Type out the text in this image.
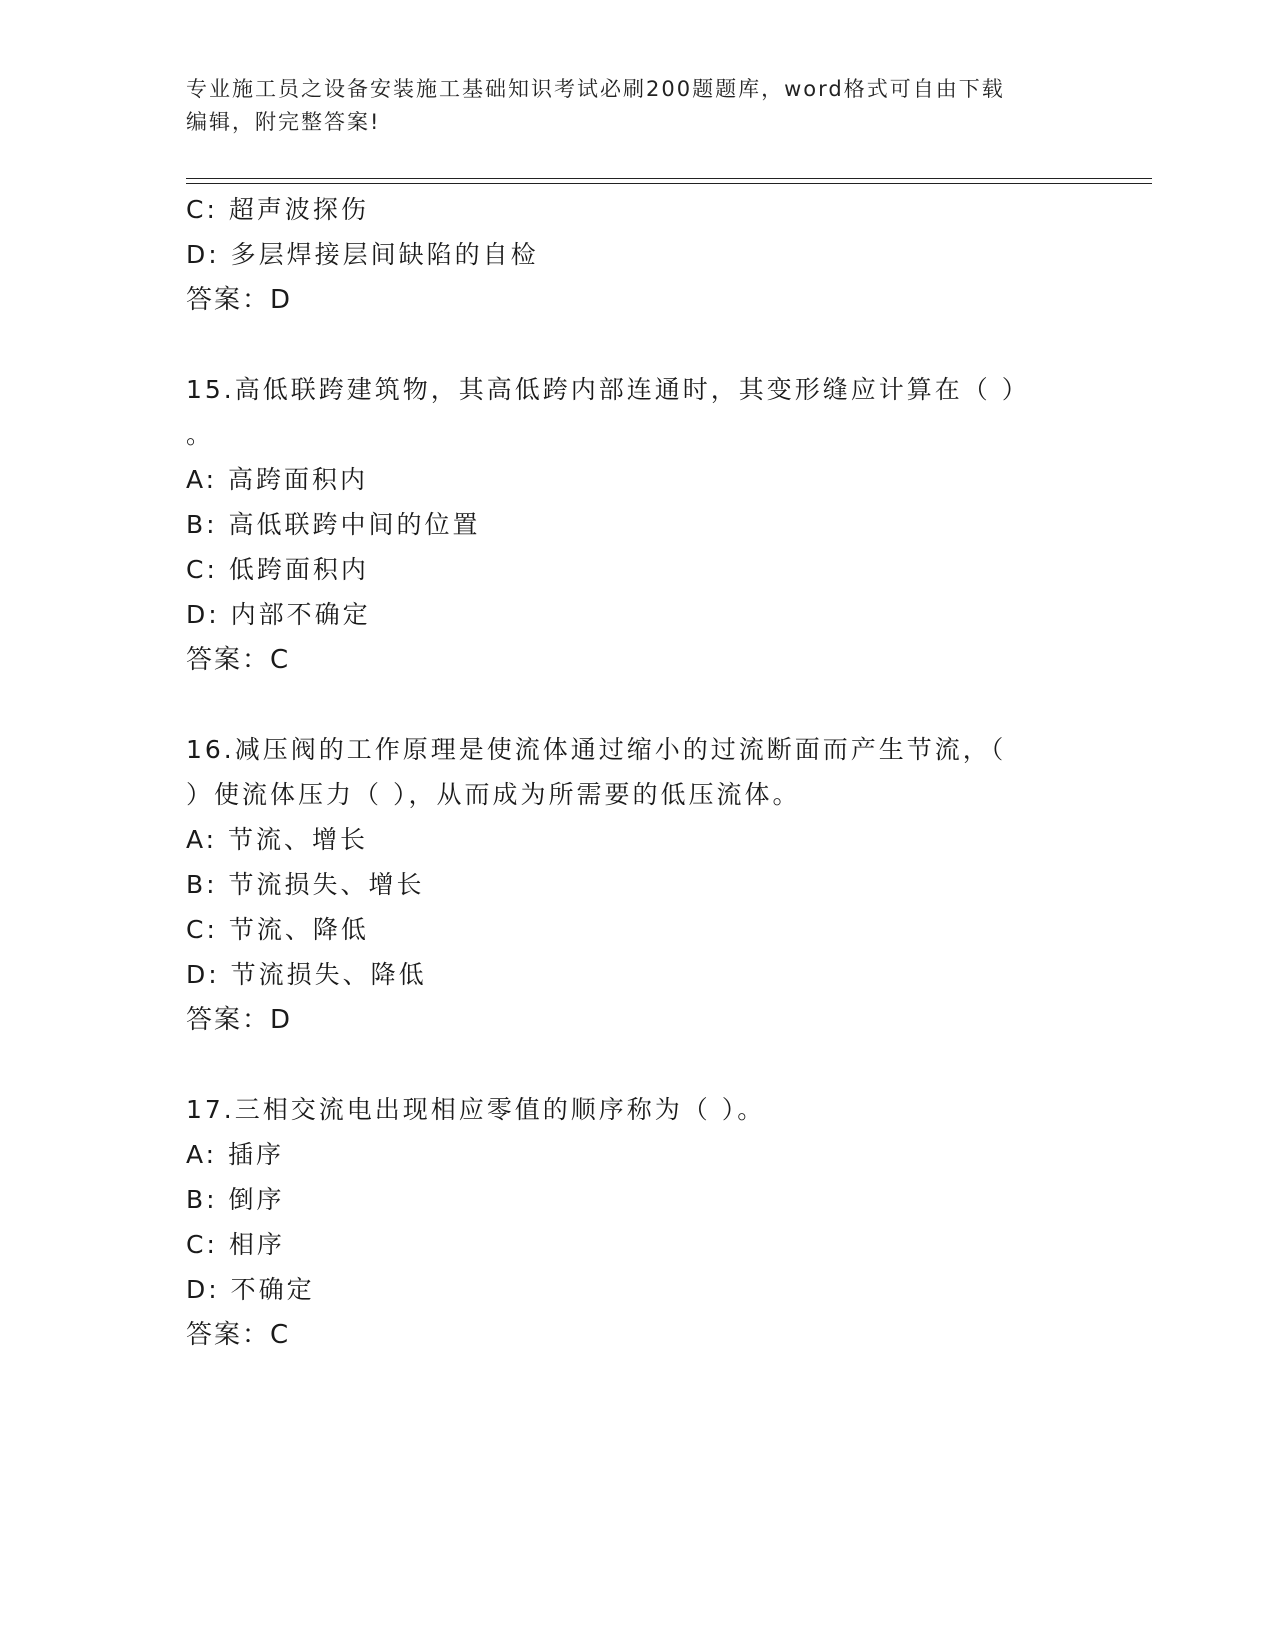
专业施工员之设备安装施工基础知识考试必刷200题题库，word格式可自由下载
编辑，附完整答案!
C: 超声波探伤
D: 多层焊接层间缺陷的自检
答案：D
15.高低联跨建筑物，其高低跨内部连通时，其变形缝应计算在（ ）
。
A: 高跨面积内
B: 高低联跨中间的位置
C: 低跨面积内
D: 内部不确定
答案：C
16.减压阀的工作原理是使流体通过缩小的过流断面而产生节流，（
）使流体压力（ ），从而成为所需要的低压流体。
A: 节流、增长
B: 节流损失、增长
C: 节流、降低
D: 节流损失、降低
答案：D
17.三相交流电出现相应零值的顺序称为（ ）。
A: 插序
B: 倒序
C: 相序
D: 不确定
答案：C
